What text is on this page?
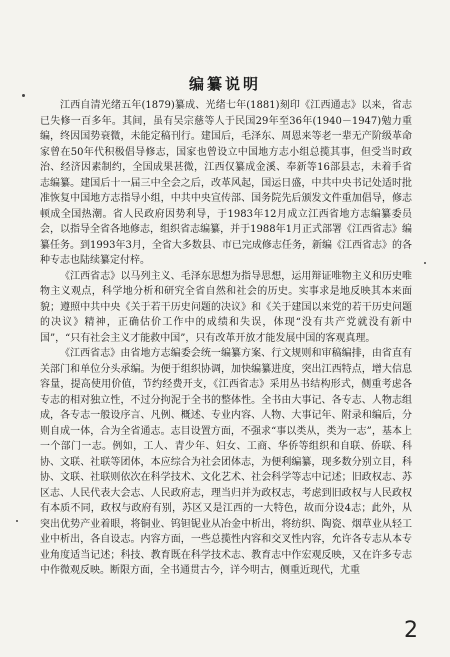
编纂说明

江西自清光绪五年(1879)纂成、光绪七年(1881)刻印《江西通志》以来，省志已失修一百多年。其间，虽有吴宗慈等人于民国29年至36年(1940－1947)勉力重编，终因国势衰微，未能定稿刊行。建国后，毛泽东、周恩来等老一辈无产阶级革命家曾在50年代积极倡导修志，国家也曾设立中国地方志小组总揽其事，但受当时政治、经济因素制约，全国成果甚微，江西仅纂成金溪、奉新等16部县志，未着手省志编纂。建国后十一届三中全会之后，改革风起，国运日盛，中共中央书记处适时批准恢复中国地方志指导小组，中共中央宣传部、国务院先后颁发文件重加倡导，修志顿成全国热潮。省人民政府因势利导，于1983年12月成立江西省地方志编纂委员会，以指导全省各地修志，组织省志编纂，并于1988年1月正式部署《江西省志》编纂任务。到1993年3月，全省大多数县、市已完成修志任务，新编《江西省志》的各种专志也陆续纂定付梓。

《江西省志》以马列主义、毛泽东思想为指导思想，运用辩证唯物主义和历史唯物主义观点，科学地分析和研究全省自然和社会的历史。实事求是地反映其本来面貌；遵照中共中央《关于若干历史问题的决议》和《关于建国以来党的若干历史问题的决议》精神，正确估价工作中的成绩和失误，体现“没有共产党就没有新中国”，“只有社会主义才能救中国”，只有改革开放才能发展中国的客观真理。

《江西省志》由省地方志编委会统一编纂方案、行文规则和审稿编排，由省直有关部门和单位分头承编。为便于组织协调，加快编纂进度，突出江西特点，增大信息容量，提高使用价值，节约经费开支，《江西省志》采用丛书结构形式，侧重考虑各专志的相对独立性，不过分拘泥于全书的整体性。全书由大事记、各专志、人物志组成，各专志一般设序言、凡例、概述、专业内容、人物、大事记年、附录和编后，分则自成一体，合为全省通志。志目设置方面，不强求“事以类从，类为一志”，基本上一个部门一志。例如，工人、青少年、妇女、工商、华侨等组织和自联、侨联、科协、文联、社联等团体，本应综合为社会团体志，为便利编纂，现多数分别立目，科协、文联、社联则依次在科学技术、文化艺术、社会科学等志中记述；旧政权志、苏区志、人民代表大会志、人民政府志，理当归并为政权志，考虑到旧政权与人民政权有本质不同，政权与政府有别，苏区又是江西的一大特色，故而分设4志；此外，从突出优势产业着眼，将铜业、钨钽铌业从冶金中析出，将纺织、陶瓷、烟草业从轻工业中析出，各自设志。内容方面，一些总揽性内容和交叉性内容，允许各专志从本专业角度适当记述；科技、教育既在科学技术志、教育志中作宏观反映，又在许多专志中作微观反映。断限方面，全书通贯古今，详今明古，侧重近现代，尤重

2
